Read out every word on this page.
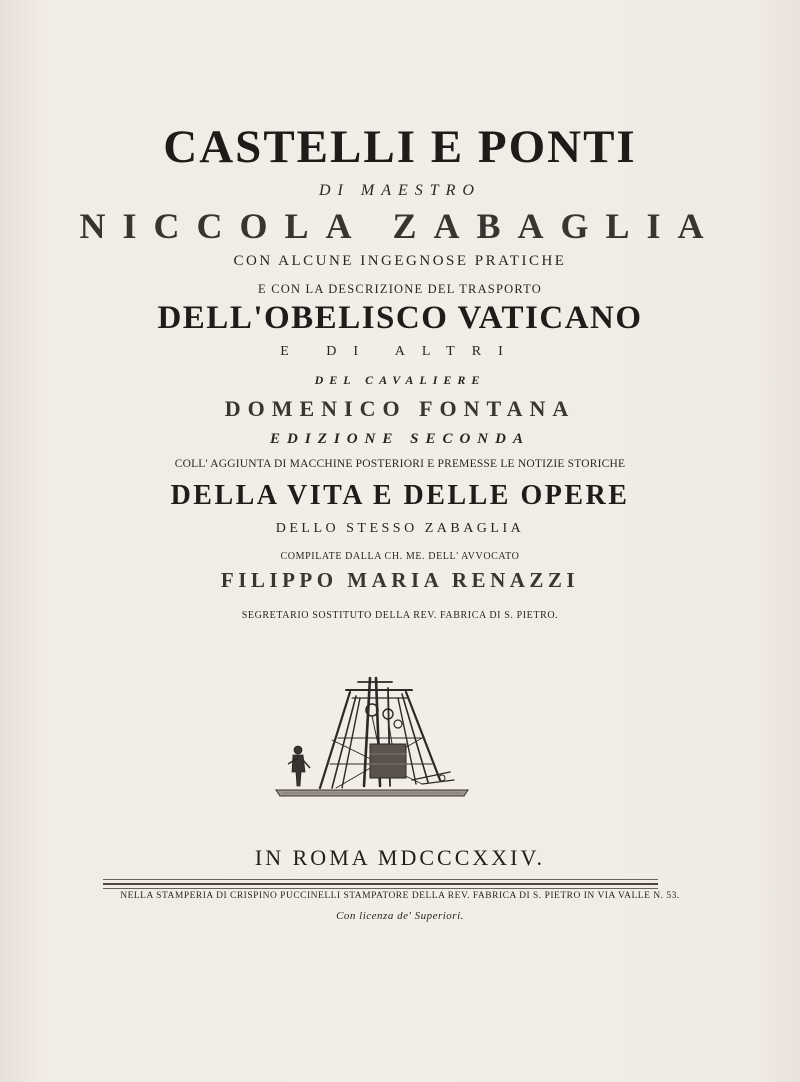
CASTELLI E PONTI
DI MAESTRO
NICCOLA ZABAGLIA
CON ALCUNE INGEGNOSE PRATICHE
E CON LA DESCRIZIONE DEL TRASPORTO
DELL'OBELISCO VATICANO
E DI ALTRI
DEL CAVALIERE
DOMENICO FONTANA
EDIZIONE SECONDA
COLL' AGGIUNTA DI MACCHINE POSTERIORI E PREMESSE LE NOTIZIE STORICHE
DELLA VITA E DELLE OPERE
DELLO STESSO ZABAGLIA
COMPILATE DALLA CH. ME. DELL' AVVOCATO
FILIPPO MARIA RENAZZI
SEGRETARIO SOSTITUTO DELLA REV. FABRICA DI S. PIETRO.
IN ROMA MDCCCXXIV.
NELLA STAMPERIA DI CRISPINO PUCCINELLI STAMPATORE DELLA REV. FABRICA DI S. PIETRO IN VIA VALLE N. 53.
Con licenza de' Superiori.
